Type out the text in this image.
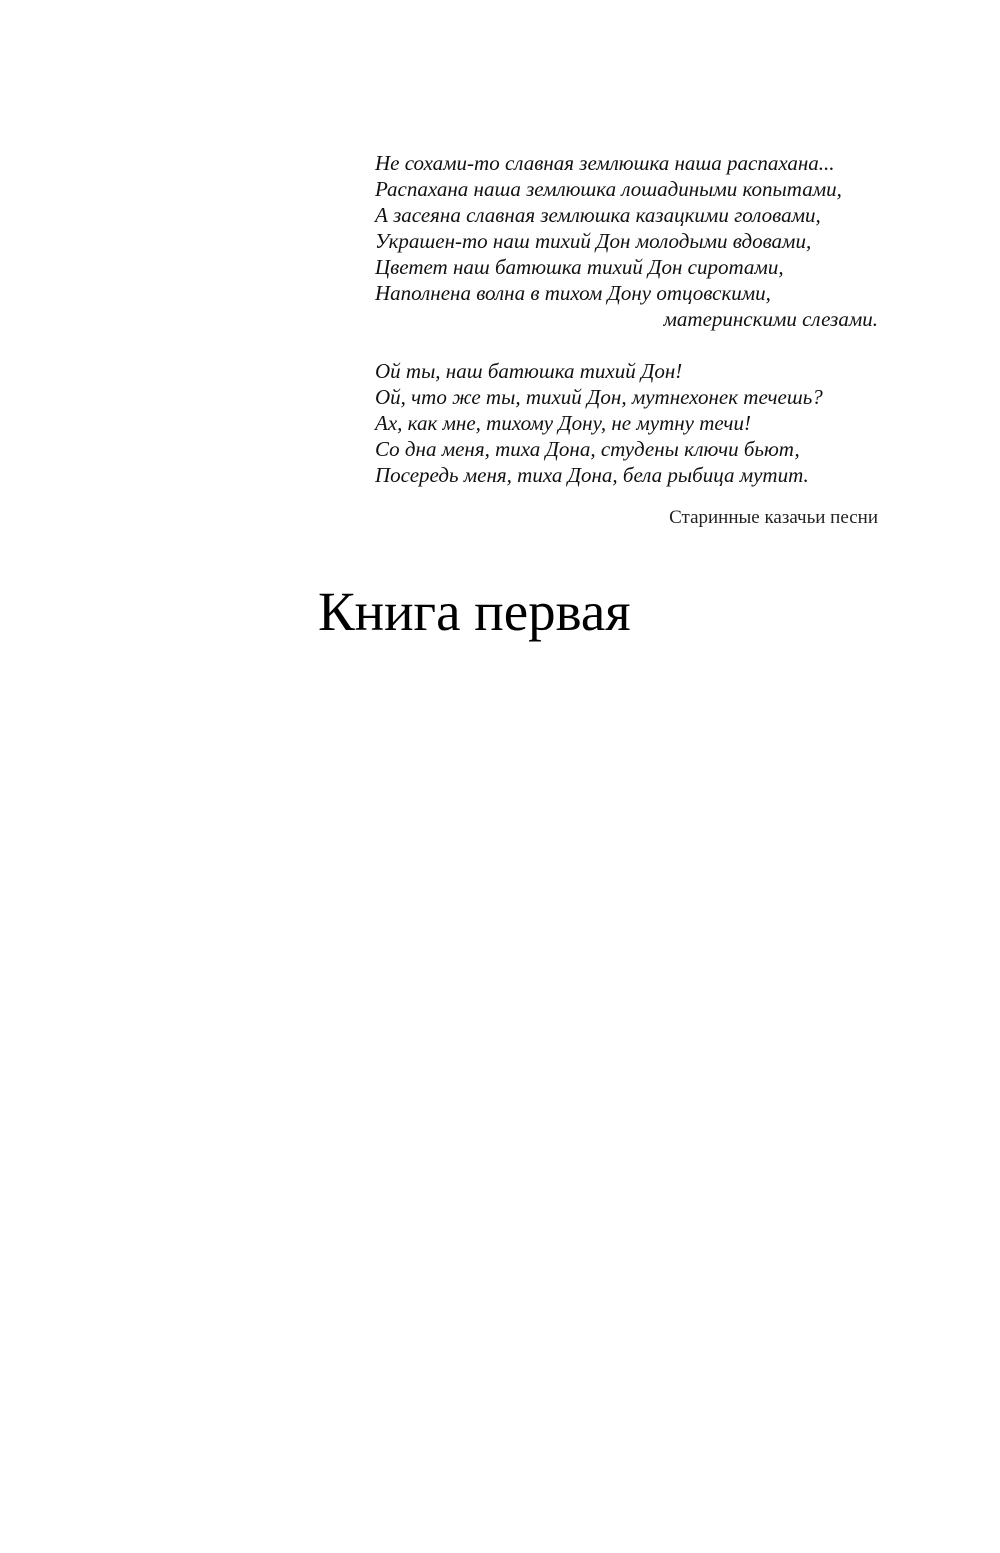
Не сохами-то славная землюшка наша распахана...
Распахана наша землюшка лошадиными копытами,
А засеяна славная землюшка казацкими головами,
Украшен-то наш тихий Дон молодыми вдовами,
Цветет наш батюшка тихий Дон сиротами,
Наполнена волна в тихом Дону отцовскими,
материнскими слезами.
Ой ты, наш батюшка тихий Дон!
Ой, что же ты, тихий Дон, мутнехонек течешь?
Ах, как мне, тихому Дону, не мутну течи!
Со дна меня, тиха Дона, студены ключи бьют,
Посередь меня, тиха Дона, бела рыбица мутит.
Старинные казачьи песни
Книга первая
